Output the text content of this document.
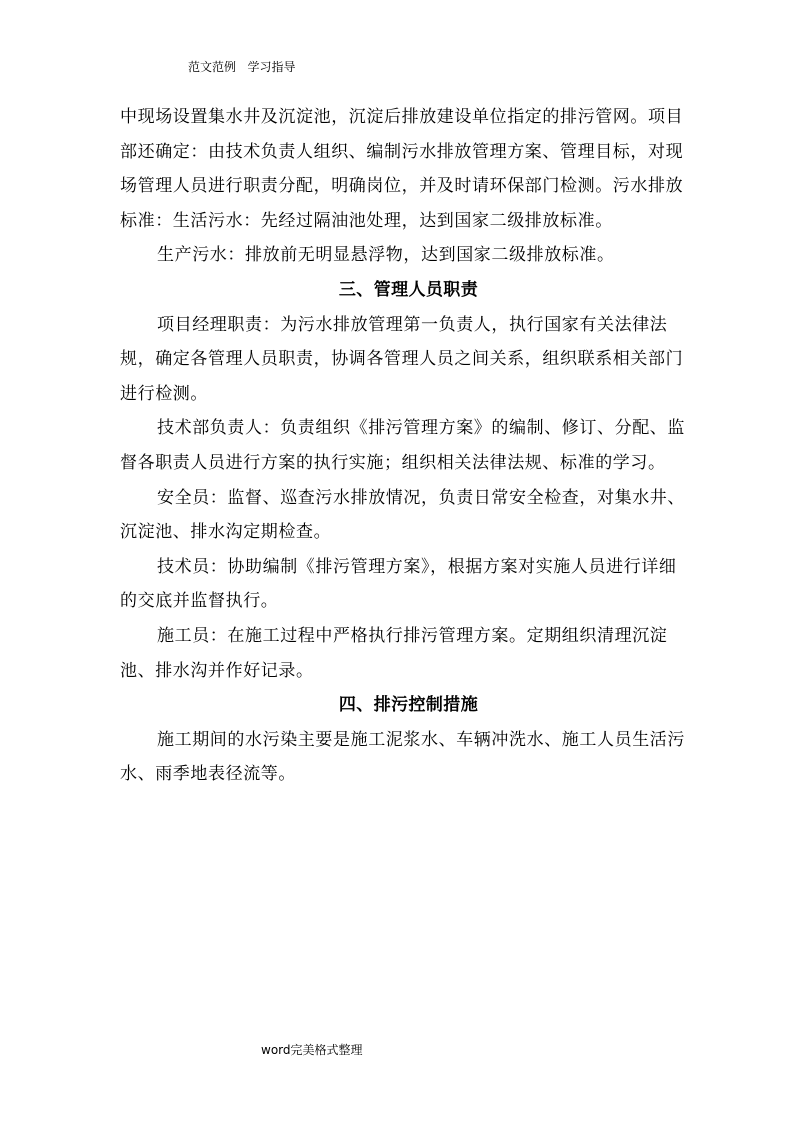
范文范例   学习指导

中现场设置集水井及沉淀池，沉淀后排放建设单位指定的排污管网。项目部还确定：由技术负责人组织、编制污水排放管理方案、管理目标，对现场管理人员进行职责分配，明确岗位，并及时请环保部门检测。污水排放标准：生活污水：先经过隔油池处理，达到国家二级排放标准。

生产污水：排放前无明显悬浮物，达到国家二级排放标准。

三、管理人员职责

项目经理职责：为污水排放管理第一负责人，执行国家有关法律法规，确定各管理人员职责，协调各管理人员之间关系，组织联系相关部门进行检测。

技术部负责人：负责组织《排污管理方案》的编制、修订、分配、监督各职责人员进行方案的执行实施；组织相关法律法规、标准的学习。

安全员：监督、巡查污水排放情况，负责日常安全检查，对集水井、沉淀池、排水沟定期检查。

技术员：协助编制《排污管理方案》，根据方案对实施人员进行详细的交底并监督执行。

施工员：在施工过程中严格执行排污管理方案。定期组织清理沉淀池、排水沟并作好记录。

四、排污控制措施

施工期间的水污染主要是施工泥浆水、车辆冲洗水、施工人员生活污水、雨季地表径流等。

word完美格式整理
